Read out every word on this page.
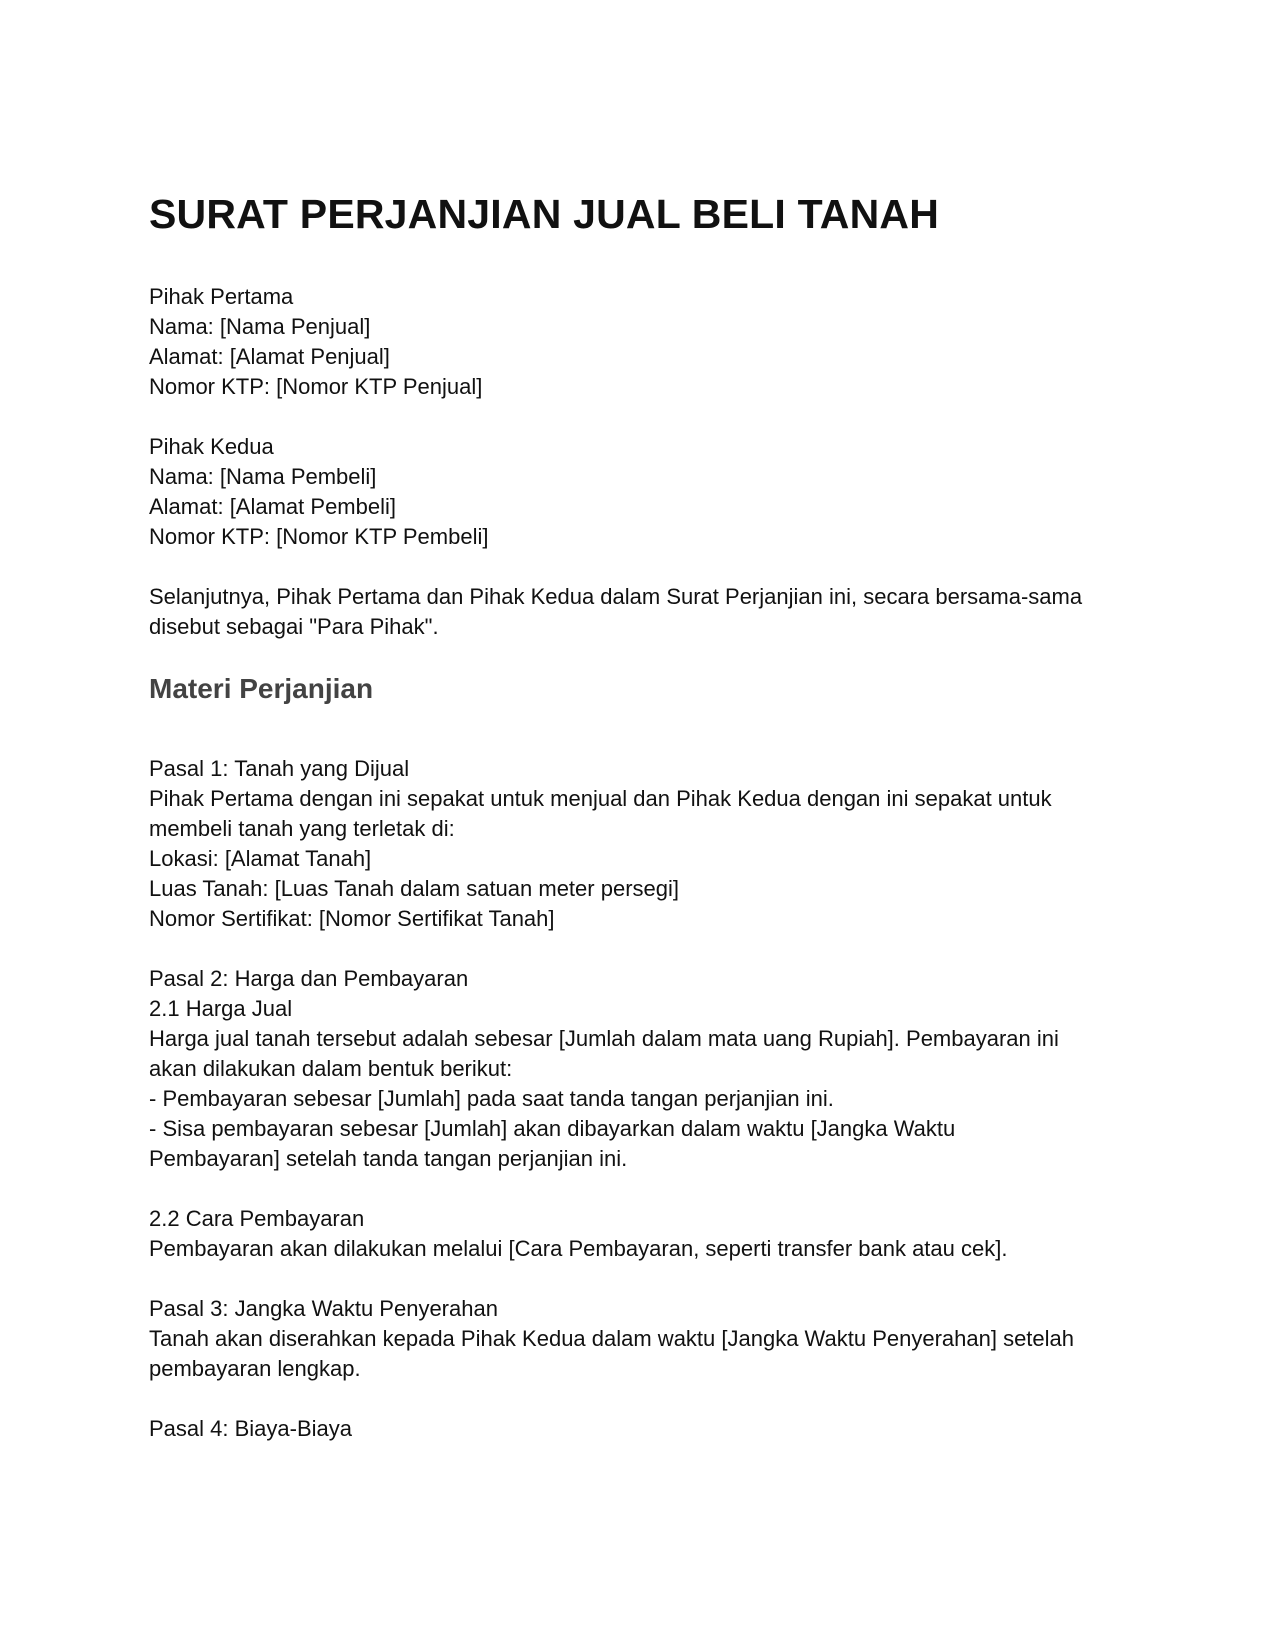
SURAT PERJANJIAN JUAL BELI TANAH
Pihak Pertama
Nama: [Nama Penjual]
Alamat: [Alamat Penjual]
Nomor KTP: [Nomor KTP Penjual]
Pihak Kedua
Nama: [Nama Pembeli]
Alamat: [Alamat Pembeli]
Nomor KTP: [Nomor KTP Pembeli]
Selanjutnya, Pihak Pertama dan Pihak Kedua dalam Surat Perjanjian ini, secara bersama-sama
disebut sebagai "Para Pihak".
Materi Perjanjian
Pasal 1: Tanah yang Dijual
Pihak Pertama dengan ini sepakat untuk menjual dan Pihak Kedua dengan ini sepakat untuk
membeli tanah yang terletak di:
Lokasi: [Alamat Tanah]
Luas Tanah: [Luas Tanah dalam satuan meter persegi]
Nomor Sertifikat: [Nomor Sertifikat Tanah]
Pasal 2: Harga dan Pembayaran
2.1 Harga Jual
Harga jual tanah tersebut adalah sebesar [Jumlah dalam mata uang Rupiah]. Pembayaran ini
akan dilakukan dalam bentuk berikut:
- Pembayaran sebesar [Jumlah] pada saat tanda tangan perjanjian ini.
- Sisa pembayaran sebesar [Jumlah] akan dibayarkan dalam waktu [Jangka Waktu
Pembayaran] setelah tanda tangan perjanjian ini.
2.2 Cara Pembayaran
Pembayaran akan dilakukan melalui [Cara Pembayaran, seperti transfer bank atau cek].
Pasal 3: Jangka Waktu Penyerahan
Tanah akan diserahkan kepada Pihak Kedua dalam waktu [Jangka Waktu Penyerahan] setelah
pembayaran lengkap.
Pasal 4: Biaya-Biaya
